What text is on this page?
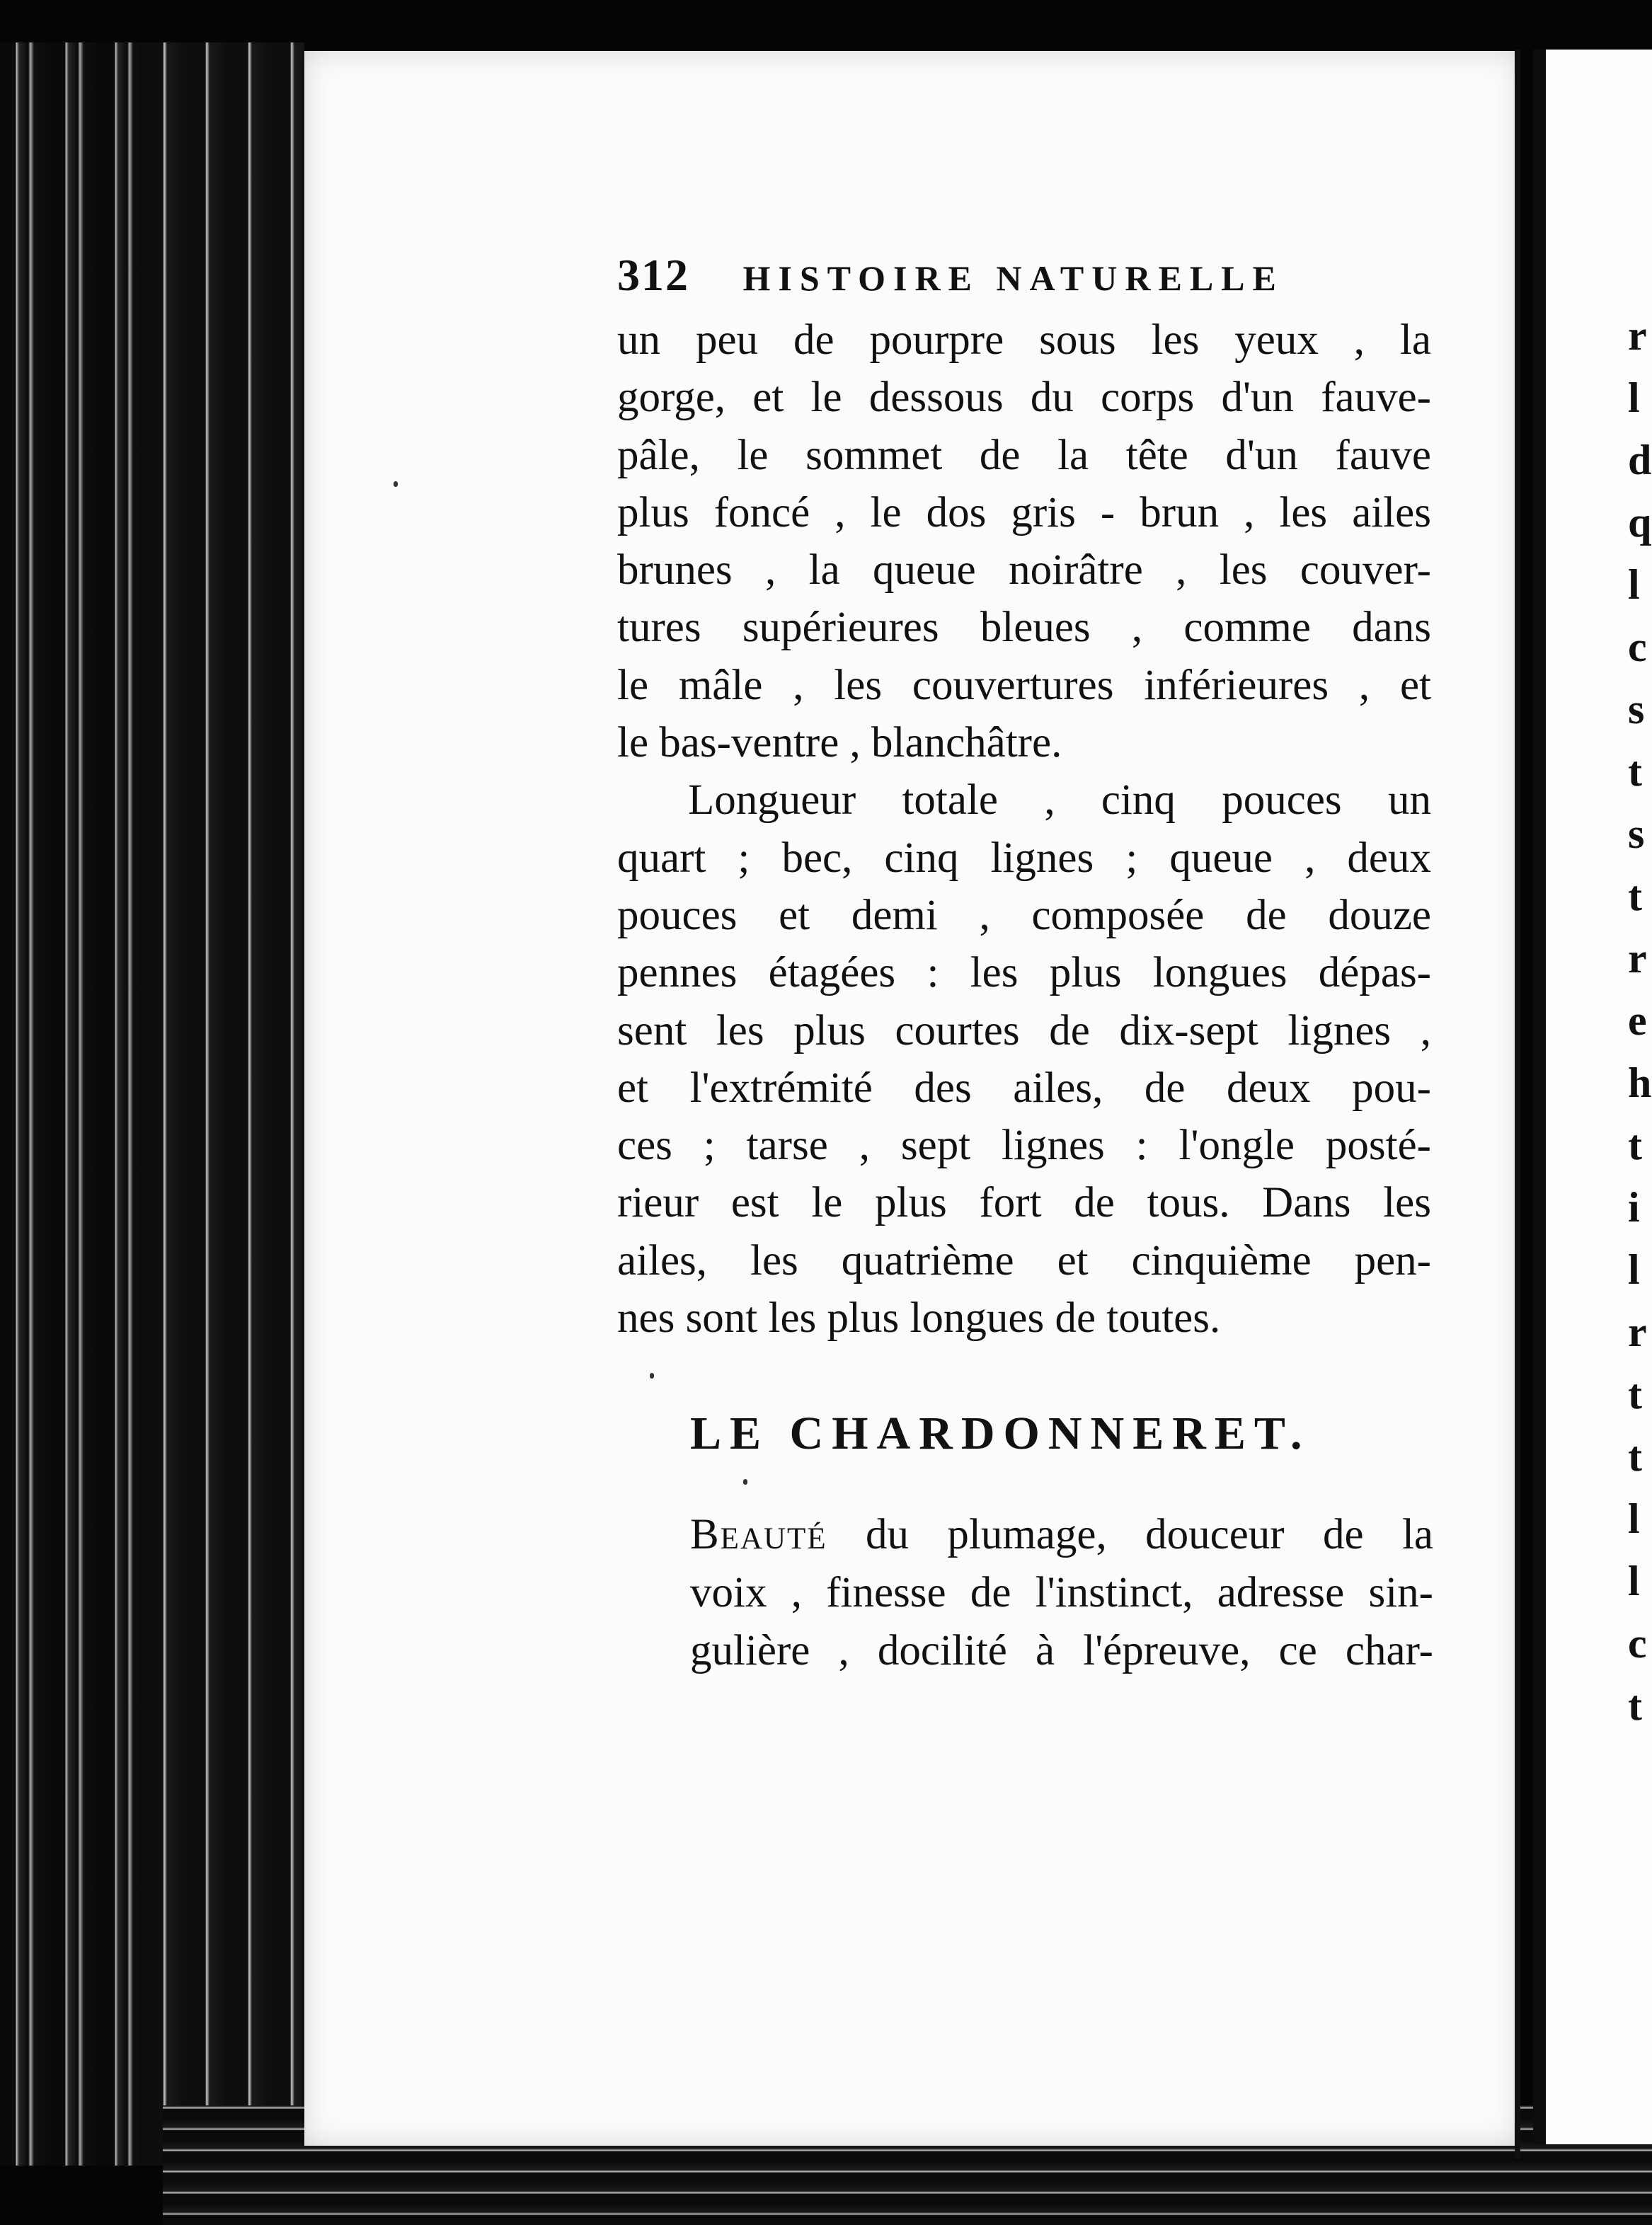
312 HISTOIRE NATURELLE
un peu de pourpre sous les yeux , la
gorge, et le dessous du corps d'un fauve-
pâle, le sommet de la tête d'un fauve
plus foncé , le dos gris - brun , les ailes
brunes , la queue noirâtre , les couver-
tures supérieures bleues , comme dans
le mâle , les couvertures inférieures , et
le bas-ventre , blanchâtre.
Longueur totale , cinq pouces un
quart ; bec, cinq lignes ; queue , deux
pouces et demi , composée de douze
pennes étagées : les plus longues dépas-
sent les plus courtes de dix-sept lignes ,
et l'extrémité des ailes, de deux pou-
ces ; tarse , sept lignes : l'ongle posté-
rieur est le plus fort de tous. Dans les
ailes, les quatrième et cinquième pen-
nes sont les plus longues de toutes.
LE CHARDONNERET.
Beauté du plumage, douceur de la
voix , finesse de l'instinct, adresse sin-
gulière , docilité à l'épreuve, ce char-
r
l
d
q
l
c
s
t
s
t
r
e
h
t
i
l
r
t
t
l
l
c
t
